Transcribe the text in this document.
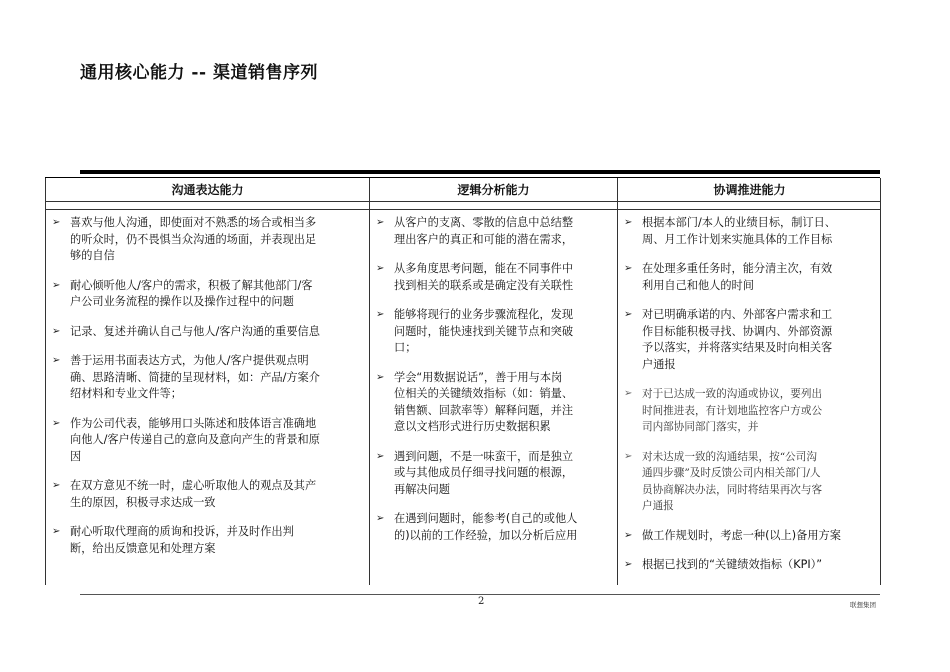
通用核心能力 -- 渠道销售序列
沟通表达能力
➢ 喜欢与他人沟通，即使面对不熟悉的场合或相当多
的听众时，仍不畏惧当众沟通的场面，并表现出足
够的自信
➢ 耐心倾听他人/客户的需求，积极了解其他部门/客
户公司业务流程的操作以及操作过程中的问题
➢ 记录、复述并确认自己与他人/客户沟通的重要信息
➢ 善于运用书面表达方式，为他人/客户提供观点明
确、思路清晰、简捷的呈现材料，如：产品/方案介
绍材料和专业文件等；
➢ 作为公司代表，能够用口头陈述和肢体语言准确地
向他人/客户传递自己的意向及意向产生的背景和原
因
➢ 在双方意见不统一时，虚心听取他人的观点及其产
生的原因，积极寻求达成一致
➢ 耐心听取代理商的质询和投诉，并及时作出判
断，给出反馈意见和处理方案
逻辑分析能力
➢ 从客户的支离、零散的信息中总结整
理出客户的真正和可能的潜在需求，
➢ 从多角度思考问题，能在不同事件中
找到相关的联系或是确定没有关联性
➢ 能够将现行的业务步骤流程化，发现
问题时，能快速找到关键节点和突破
口；
➢ 学会“用数据说话”，善于用与本岗
位相关的关键绩效指标（如：销量、
销售额、回款率等）解释问题，并注
意以文档形式进行历史数据积累
➢ 遇到问题，不是一味蛮干，而是独立
或与其他成员仔细寻找问题的根源，
再解决问题
➢ 在遇到问题时，能参考(自己的或他人
的)以前的工作经验，加以分析后应用
协调推进能力
➢ 根据本部门/本人的业绩目标，制订日、
周、月工作计划来实施具体的工作目标
➢ 在处理多重任务时，能分清主次，有效
利用自己和他人的时间
➢ 对已明确承诺的内、外部客户需求和工
作目标能积极寻找、协调内、外部资源
予以落实，并将落实结果及时向相关客
户通报
➢ 对于已达成一致的沟通或协议，要列出
时间推进表，有计划地监控客户方或公
司内部协同部门落实，并
➢ 对未达成一致的沟通结果，按“公司沟
通四步骤”及时反馈公司内相关部门/人
员协商解决办法，同时将结果再次与客
户通报
➢ 做工作规划时，考虑一种(以上)备用方案
➢ 根据已找到的“关键绩效指标（KPI）”
2	联想集团
